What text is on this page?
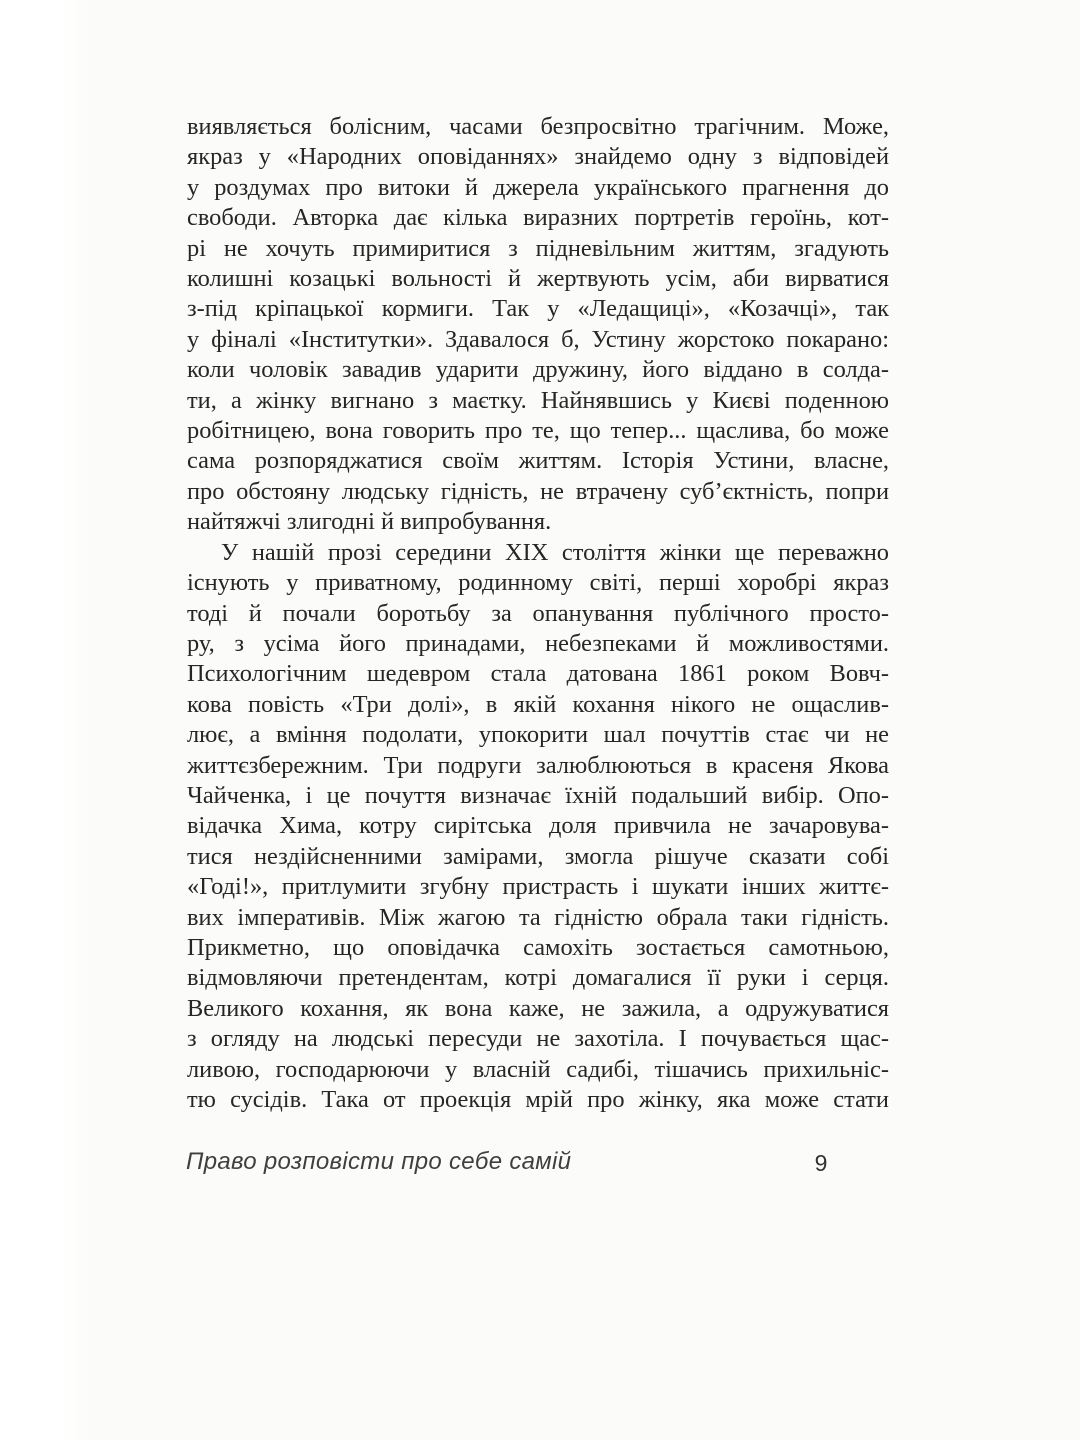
виявляється болісним, часами безпросвітно трагічним. Може,
якраз у «Народних оповіданнях» знайдемо одну з відповідей
у роздумах про витоки й джерела українського прагнення до
свободи. Авторка дає кілька виразних портретів героїнь, кот-
рі не хочуть примиритися з підневільним життям, згадують
колишні козацькі вольності й жертвують усім, аби вирватися
з-під кріпацької кормиги. Так у «Ледащиці», «Козачці», так
у фіналі «Інститутки». Здавалося б, Устину жорстоко покарано:
коли чоловік завадив ударити дружину, його віддано в солда-
ти, а жінку вигнано з маєтку. Найнявшись у Києві поденною
робітницею, вона говорить про те, що тепер... щаслива, бо може
сама розпоряджатися своїм життям. Історія Устини, власне,
про обстояну людську гідність, не втрачену субʼєктність, попри
найтяжчі злигодні й випробування.
У нашій прозі середини XIX століття жінки ще переважно
існують у приватному, родинному світі, перші хоробрі якраз
тоді й почали боротьбу за опанування публічного просто-
ру, з усіма його принадами, небезпеками й можливостями.
Психологічним шедевром стала датована 1861 роком Вовч-
кова повість «Три долі», в якій кохання нікого не ощаслив-
лює, а вміння подолати, упокорити шал почуттів стає чи не
життєзбережним. Три подруги залюблюються в красеня Якова
Чайченка, і це почуття визначає їхній подальший вибір. Опо-
відачка Хима, котру сирітська доля привчила не зачаровува-
тися нездійсненними замірами, змогла рішуче сказати собі
«Годі!», притлумити згубну пристрасть і шукати інших життє-
вих імперативів. Між жагою та гідністю обрала таки гідність.
Прикметно, що оповідачка самохіть зостається самотньою,
відмовляючи претендентам, котрі домагалися її руки і серця.
Великого кохання, як вона каже, не зажила, а одружуватися
з огляду на людські пересуди не захотіла. І почувається щас-
ливою, господарюючи у власній садибі, тішачись прихильніс-
тю сусідів. Така от проекція мрій про жінку, яка може стати
Право розповісти про себе самій	9
